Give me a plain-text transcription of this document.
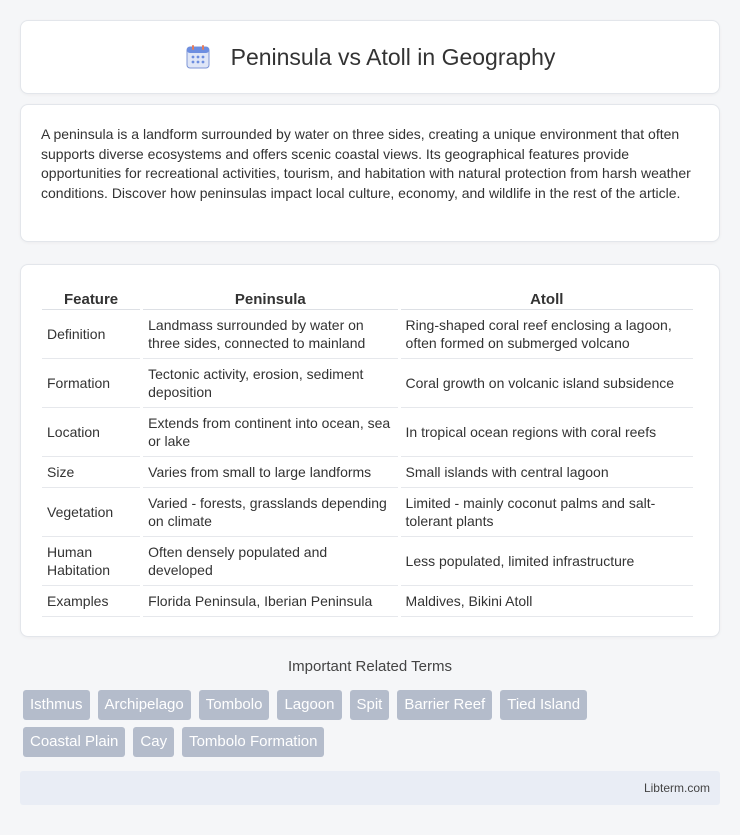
Peninsula vs Atoll in Geography

A peninsula is a landform surrounded by water on three sides, creating a unique environment that often supports diverse ecosystems and offers scenic coastal views. Its geographical features provide opportunities for recreational activities, tourism, and habitation with natural protection from harsh weather conditions. Discover how peninsulas impact local culture, economy, and wildlife in the rest of the article.

Feature	Peninsula	Atoll
Definition	Landmass surrounded by water on three sides, connected to mainland	Ring-shaped coral reef enclosing a lagoon, often formed on submerged volcano
Formation	Tectonic activity, erosion, sediment deposition	Coral growth on volcanic island subsidence
Location	Extends from continent into ocean, sea or lake	In tropical ocean regions with coral reefs
Size	Varies from small to large landforms	Small islands with central lagoon
Vegetation	Varied - forests, grasslands depending on climate	Limited - mainly coconut palms and salt-tolerant plants
Human Habitation	Often densely populated and developed	Less populated, limited infrastructure
Examples	Florida Peninsula, Iberian Peninsula	Maldives, Bikini Atoll
Important Related Terms
Isthmus	Archipelago	Tombolo	Lagoon	Spit	Barrier Reef	Tied Island
Coastal Plain	Cay	Tombolo Formation
Libterm.com
